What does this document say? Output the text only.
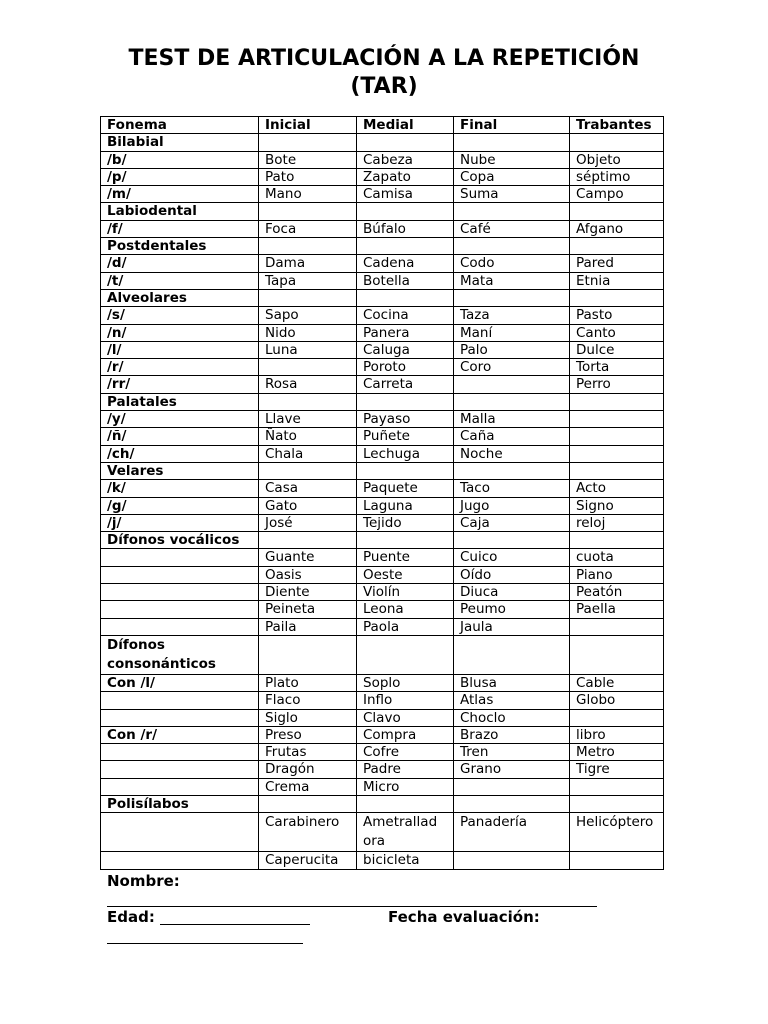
TEST DE ARTICULACIÓN A LA REPETICIÓN
(TAR)
Fonema	Inicial	Medial	Final	Trabantes
Bilabial				
/b/	Bote	Cabeza	Nube	Objeto
/p/	Pato	Zapato	Copa	séptimo
/m/	Mano	Camisa	Suma	Campo
Labiodental				
/f/	Foca	Búfalo	Café	Afgano
Postdentales				
/d/	Dama	Cadena	Codo	Pared
/t/	Tapa	Botella	Mata	Etnia
Alveolares				
/s/	Sapo	Cocina	Taza	Pasto
/n/	Nido	Panera	Maní	Canto
/l/	Luna	Caluga	Palo	Dulce
/r/		Poroto	Coro	Torta
/rr/	Rosa	Carreta		Perro
Palatales				
/y/	Llave	Payaso	Malla	
/ñ/	Ñato	Puñete	Caña	
/ch/	Chala	Lechuga	Noche	
Velares				
/k/	Casa	Paquete	Taco	Acto
/g/	Gato	Laguna	Jugo	Signo
/j/	José	Tejido	Caja	reloj
Dífonos vocálicos				
	Guante	Puente	Cuico	cuota
	Oasis	Oeste	Oído	Piano
	Diente	Violín	Diuca	Peatón
	Peineta	Leona	Peumo	Paella
	Paila	Paola	Jaula	
Dífonos consonánticos				
Con /l/	Plato	Soplo	Blusa	Cable
	Flaco	Inflo	Atlas	Globo
	Siglo	Clavo	Choclo	
Con /r/	Preso	Compra	Brazo	libro
	Frutas	Cofre	Tren	Metro
	Dragón	Padre	Grano	Tigre
	Crema	Micro		
Polisílabos				
	Carabinero	Ametrallad ora	Panadería	Helicóptero
	Caperucita	bicicleta		
Nombre:
Edad:	Fecha evaluación:
